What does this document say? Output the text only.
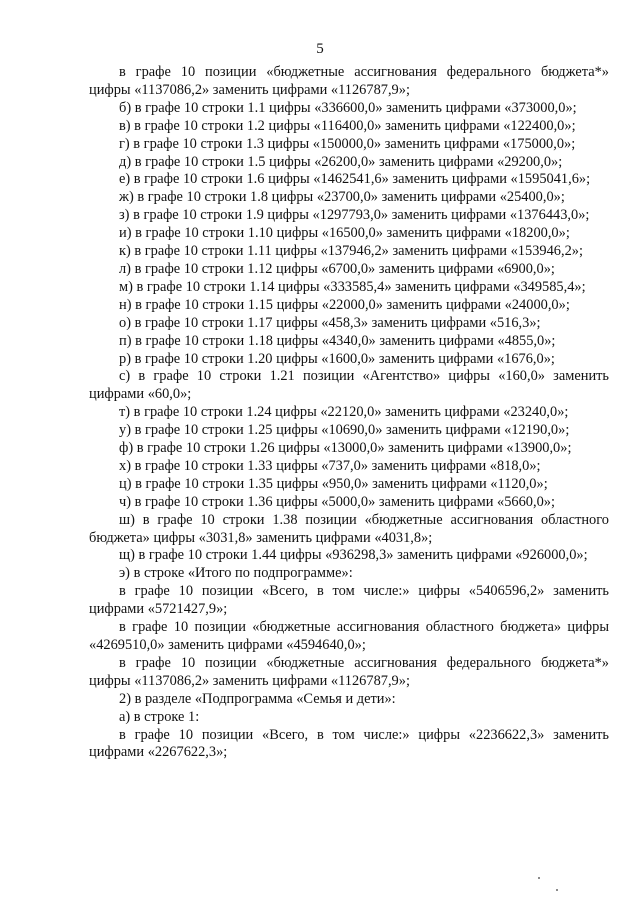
5

в графе 10 позиции «бюджетные ассигнования федерального бюджета*» цифры «1137086,2» заменить цифрами «1126787,9»;

б) в графе 10 строки 1.1 цифры «336600,0» заменить цифрами «373000,0»;

в) в графе 10 строки 1.2 цифры «116400,0» заменить цифрами «122400,0»;

г) в графе 10 строки 1.3 цифры «150000,0» заменить цифрами «175000,0»;

д) в графе 10 строки 1.5 цифры «26200,0» заменить цифрами «29200,0»;

е) в графе 10 строки 1.6 цифры «1462541,6» заменить цифрами «1595041,6»;

ж) в графе 10 строки 1.8 цифры «23700,0» заменить цифрами «25400,0»;

з) в графе 10 строки 1.9 цифры «1297793,0» заменить цифрами «1376443,0»;

и) в графе 10 строки 1.10 цифры «16500,0» заменить цифрами «18200,0»;

к) в графе 10 строки 1.11 цифры «137946,2» заменить цифрами «153946,2»;

л) в графе 10 строки 1.12 цифры «6700,0» заменить цифрами «6900,0»;

м) в графе 10 строки 1.14 цифры «333585,4» заменить цифрами «349585,4»;

н) в графе 10 строки 1.15 цифры «22000,0» заменить цифрами «24000,0»;

о) в графе 10 строки 1.17 цифры «458,3» заменить цифрами «516,3»;

п) в графе 10 строки 1.18 цифры «4340,0» заменить цифрами «4855,0»;

р) в графе 10 строки 1.20 цифры «1600,0» заменить цифрами «1676,0»;

с) в графе 10 строки 1.21 позиции «Агентство» цифры «160,0» заменить цифрами «60,0»;

т) в графе 10 строки 1.24 цифры «22120,0» заменить цифрами «23240,0»;

у) в графе 10 строки 1.25 цифры «10690,0» заменить цифрами «12190,0»;

ф) в графе 10 строки 1.26 цифры «13000,0» заменить цифрами «13900,0»;

х) в графе 10 строки 1.33 цифры «737,0» заменить цифрами «818,0»;

ц) в графе 10 строки 1.35 цифры «950,0» заменить цифрами «1120,0»;

ч) в графе 10 строки 1.36 цифры «5000,0» заменить цифрами «5660,0»;

ш) в графе 10 строки 1.38 позиции «бюджетные ассигнования областного бюджета» цифры «3031,8» заменить цифрами «4031,8»;

щ) в графе 10 строки 1.44 цифры «936298,3» заменить цифрами «926000,0»;

э) в строке «Итого по подпрограмме»:

в графе 10 позиции «Всего, в том числе:» цифры «5406596,2» заменить цифрами «5721427,9»;

в графе 10 позиции «бюджетные ассигнования областного бюджета» цифры «4269510,0» заменить цифрами «4594640,0»;

в графе 10 позиции «бюджетные ассигнования федерального бюджета*» цифры «1137086,2» заменить цифрами «1126787,9»;

2) в разделе «Подпрограмма «Семья и дети»:

а) в строке 1:

в графе 10 позиции «Всего, в том числе:» цифры «2236622,3» заменить цифрами «2267622,3»;
